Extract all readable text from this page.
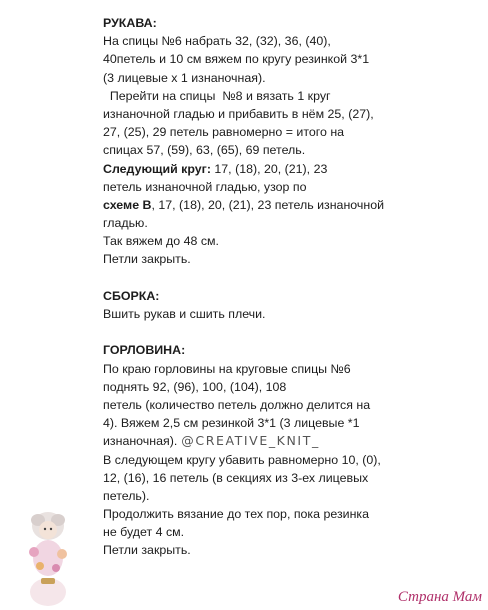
РУКАВА:
На спицы №6 набрать 32, (32), 36, (40),
40петель и 10 см вяжем по кругу резинкой 3*1
(3 лицевые х 1 изнаночная).
Перейти на спицы  №8 и вязать 1 круг
изнаночной гладью и прибавить в нём 25, (27),
27, (25), 29 петель равномерно = итого на
спицах 57, (59), 63, (65), 69 петель.
Следующий круг: 17, (18), 20, (21), 23
петель изнаночной гладью, узор по
схеме В, 17, (18), 20, (21), 23 петель изнаночной
гладью.
Так вяжем до 48 см.
Петли закрыть.
СБОРКА:
Вшить рукав и сшить плечи.
ГОРЛОВИНА:
По краю горловины на круговые спицы №6
поднять 92, (96), 100, (104), 108
петель (количество петель должно делится на
4). Вяжем 2,5 см резинкой 3*1 (3 лицевые *1
изнаночная). @CREATIVE_KNIT_
В следующем кругу убавить равномерно 10, (0),
12, (16), 16 петель (в секциях из 3-ех лицевых
петель).
Продолжить вязание до тех пор, пока резинка
не будет 4 см.
Петли закрыть.
Страна Мам
